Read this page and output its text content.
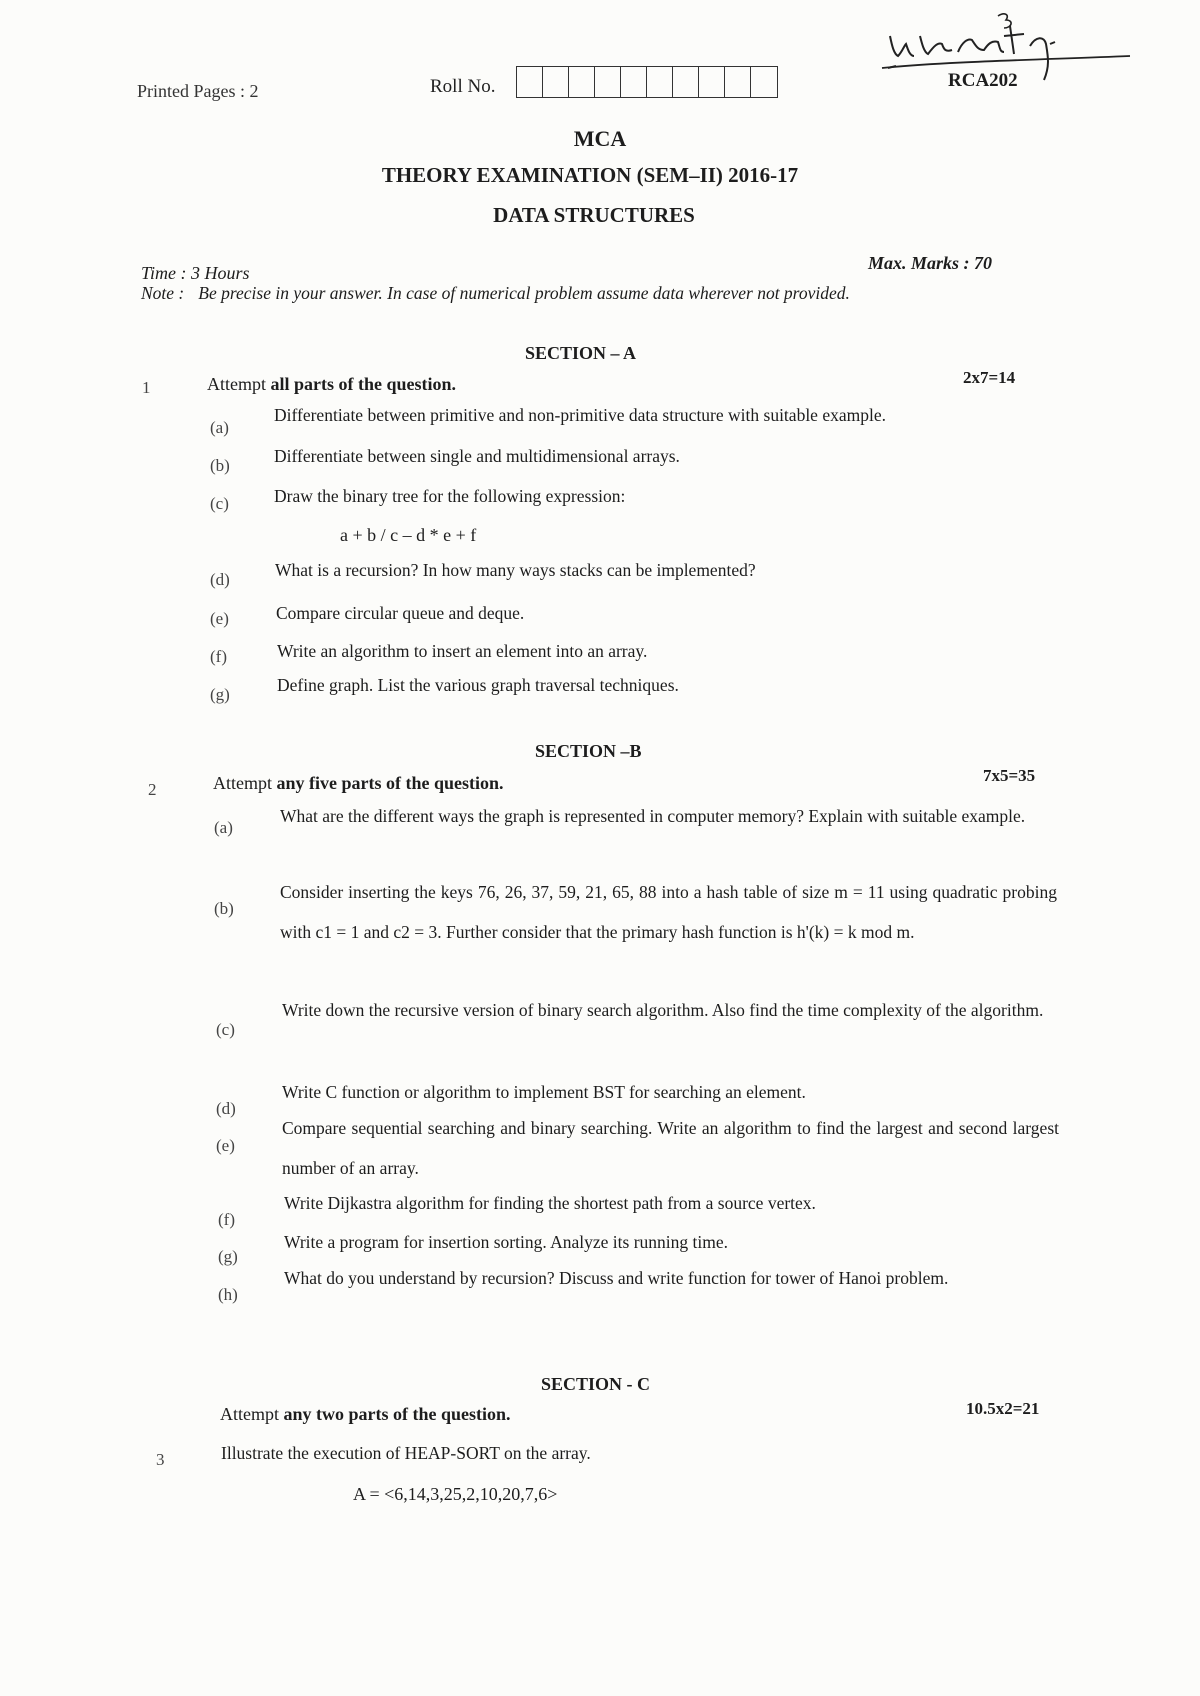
Printed Pages : 2	Roll No.	RCA202
MCA
THEORY EXAMINATION (SEM–II) 2016-17
DATA STRUCTURES
Time : 3 Hours	Max. Marks : 70
Note : Be precise in your answer. In case of numerical problem assume data wherever not provided.
SECTION – A
1	Attempt all parts of the question.	2x7=14
(a)
Differentiate between primitive and non-primitive data structure with suitable example.
(b)	Differentiate between single and multidimensional arrays.
(c)	Draw the binary tree for the following expression:
a + b / c – d * e + f
(d)	What is a recursion? In how many ways stacks can be implemented?
(e)	Compare circular queue and deque.
(f)	Write an algorithm to insert an element into an array.
(g)	Define graph. List the various graph traversal techniques.
SECTION –B
2	Attempt any five parts of the question.	7x5=35
(a)
What are the different ways the graph is represented in computer memory? Explain with suitable example.
(b)
Consider inserting the keys 76, 26, 37, 59, 21, 65, 88 into a hash table of size m = 11 using quadratic probing with c1 = 1 and c2 = 3. Further consider that the primary hash function is h'(k) = k mod m.
(c)
Write down the recursive version of binary search algorithm. Also find the time complexity of the algorithm.
(d)
Write C function or algorithm to implement BST for searching an element.
(e)
Compare sequential searching and binary searching. Write an algorithm to find the largest and second largest number of an array.
(f)
Write Dijkastra algorithm for finding the shortest path from a source vertex.
(g)
Write a program for insertion sorting. Analyze its running time.
(h)
What do you understand by recursion? Discuss and write function for tower of Hanoi problem.
SECTION - C
Attempt any two parts of the question.	10.5x2=21
3	Illustrate the execution of HEAP-SORT on the array.
A = <6,14,3,25,2,10,20,7,6>
